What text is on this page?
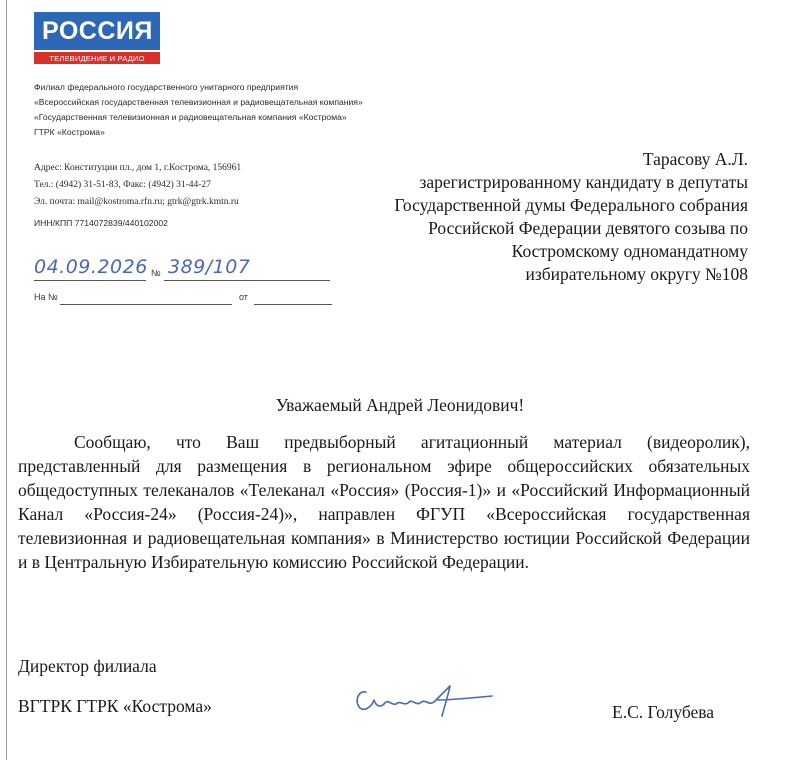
РОССИЯ
ТЕЛЕВИДЕНИЕ И РАДИО
Филиал федерального государственного унитарного предприятия
«Всероссийская государственная телевизионная и радиовещательная компания»
«Государственная телевизионная и радиовещательная компания «Кострома»
ГТРК «Кострома»
Адрес: Конституции пл., дом 1, г.Кострома, 156961
Тел.: (4942) 31-51-83, Факс: (4942) 31-44-27
Эл. почта: mail@kostroma.rfn.ru; gtrk@gtrk.kmtn.ru
ИНН/КПП 7714072839/440102002
04.09.2026 № 389/107
На №	от
Тарасову А.Л.
зарегистрированному кандидату в депутаты
Государственной думы Федерального собрания
Российской Федерации девятого созыва по
Костромскому одномандатному
избирательному округу №108
Уважаемый Андрей Леонидович!
Сообщаю, что Ваш предвыборный агитационный материал (видеоролик), представленный для размещения в региональном эфире общероссийских обязательных общедоступных телеканалов «Телеканал «Россия» (Россия-1)» и «Российский Информационный Канал «Россия-24» (Россия-24)», направлен ФГУП «Всероссийская государственная телевизионная и радиовещательная компания» в Министерство юстиции Российской Федерации и в Центральную Избирательную комиссию Российской Федерации.
Директор филиала
ВГТРК ГТРК «Кострома»	Е.С. Голубева
